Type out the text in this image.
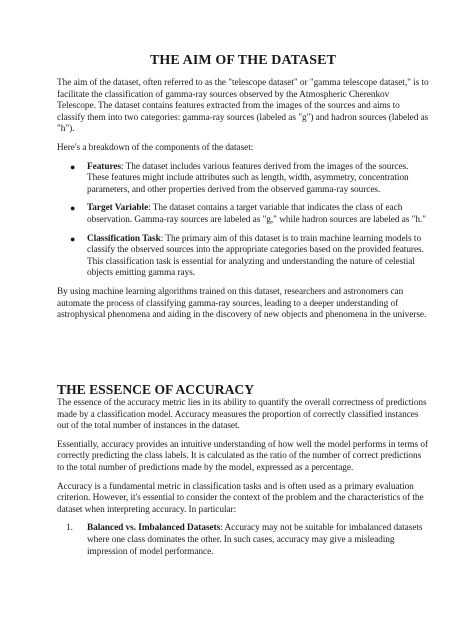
THE AIM OF THE DATASET

The aim of the dataset, often referred to as the "telescope dataset" or "gamma telescope dataset," is to facilitate the classification of gamma-ray sources observed by the Atmospheric Cherenkov Telescope. The dataset contains features extracted from the images of the sources and aims to classify them into two categories: gamma-ray sources (labeled as "g") and hadron sources (labeled as "h").

Here's a breakdown of the components of the dataset:

● Features: The dataset includes various features derived from the images of the sources. These features might include attributes such as length, width, asymmetry, concentration parameters, and other properties derived from the observed gamma-ray sources.
● Target Variable: The dataset contains a target variable that indicates the class of each observation. Gamma-ray sources are labeled as "g," while hadron sources are labeled as "h."
● Classification Task: The primary aim of this dataset is to train machine learning models to classify the observed sources into the appropriate categories based on the provided features. This classification task is essential for analyzing and understanding the nature of celestial objects emitting gamma rays.

By using machine learning algorithms trained on this dataset, researchers and astronomers can automate the process of classifying gamma-ray sources, leading to a deeper understanding of astrophysical phenomena and aiding in the discovery of new objects and phenomena in the universe.

THE ESSENCE OF ACCURACY

The essence of the accuracy metric lies in its ability to quantify the overall correctness of predictions made by a classification model. Accuracy measures the proportion of correctly classified instances out of the total number of instances in the dataset.

Essentially, accuracy provides an intuitive understanding of how well the model performs in terms of correctly predicting the class labels. It is calculated as the ratio of the number of correct predictions to the total number of predictions made by the model, expressed as a percentage.

Accuracy is a fundamental metric in classification tasks and is often used as a primary evaluation criterion. However, it's essential to consider the context of the problem and the characteristics of the dataset when interpreting accuracy. In particular:

1. Balanced vs. Imbalanced Datasets: Accuracy may not be suitable for imbalanced datasets where one class dominates the other. In such cases, accuracy may give a misleading impression of model performance.
